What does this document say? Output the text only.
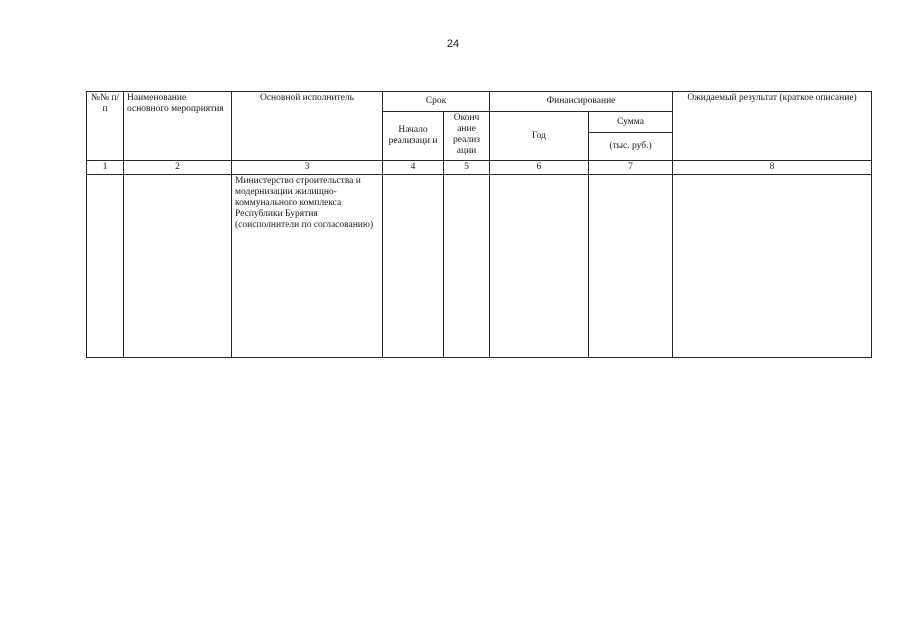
24
№№ п/п	Наименование основного мероприятия	Основной исполнитель	Срок		Финансирование		Ожидаемый результат (краткое описание)
			Начало реализаци и	Оконч ание реализ ации	Год	Сумма	
						(тыс. руб.)	
1	2	3	4	5	6	7	8
		Министерство строительства и модернизации жилищно-коммунального комплекса Республики Бурятия (соисполнители по согласованию)					
